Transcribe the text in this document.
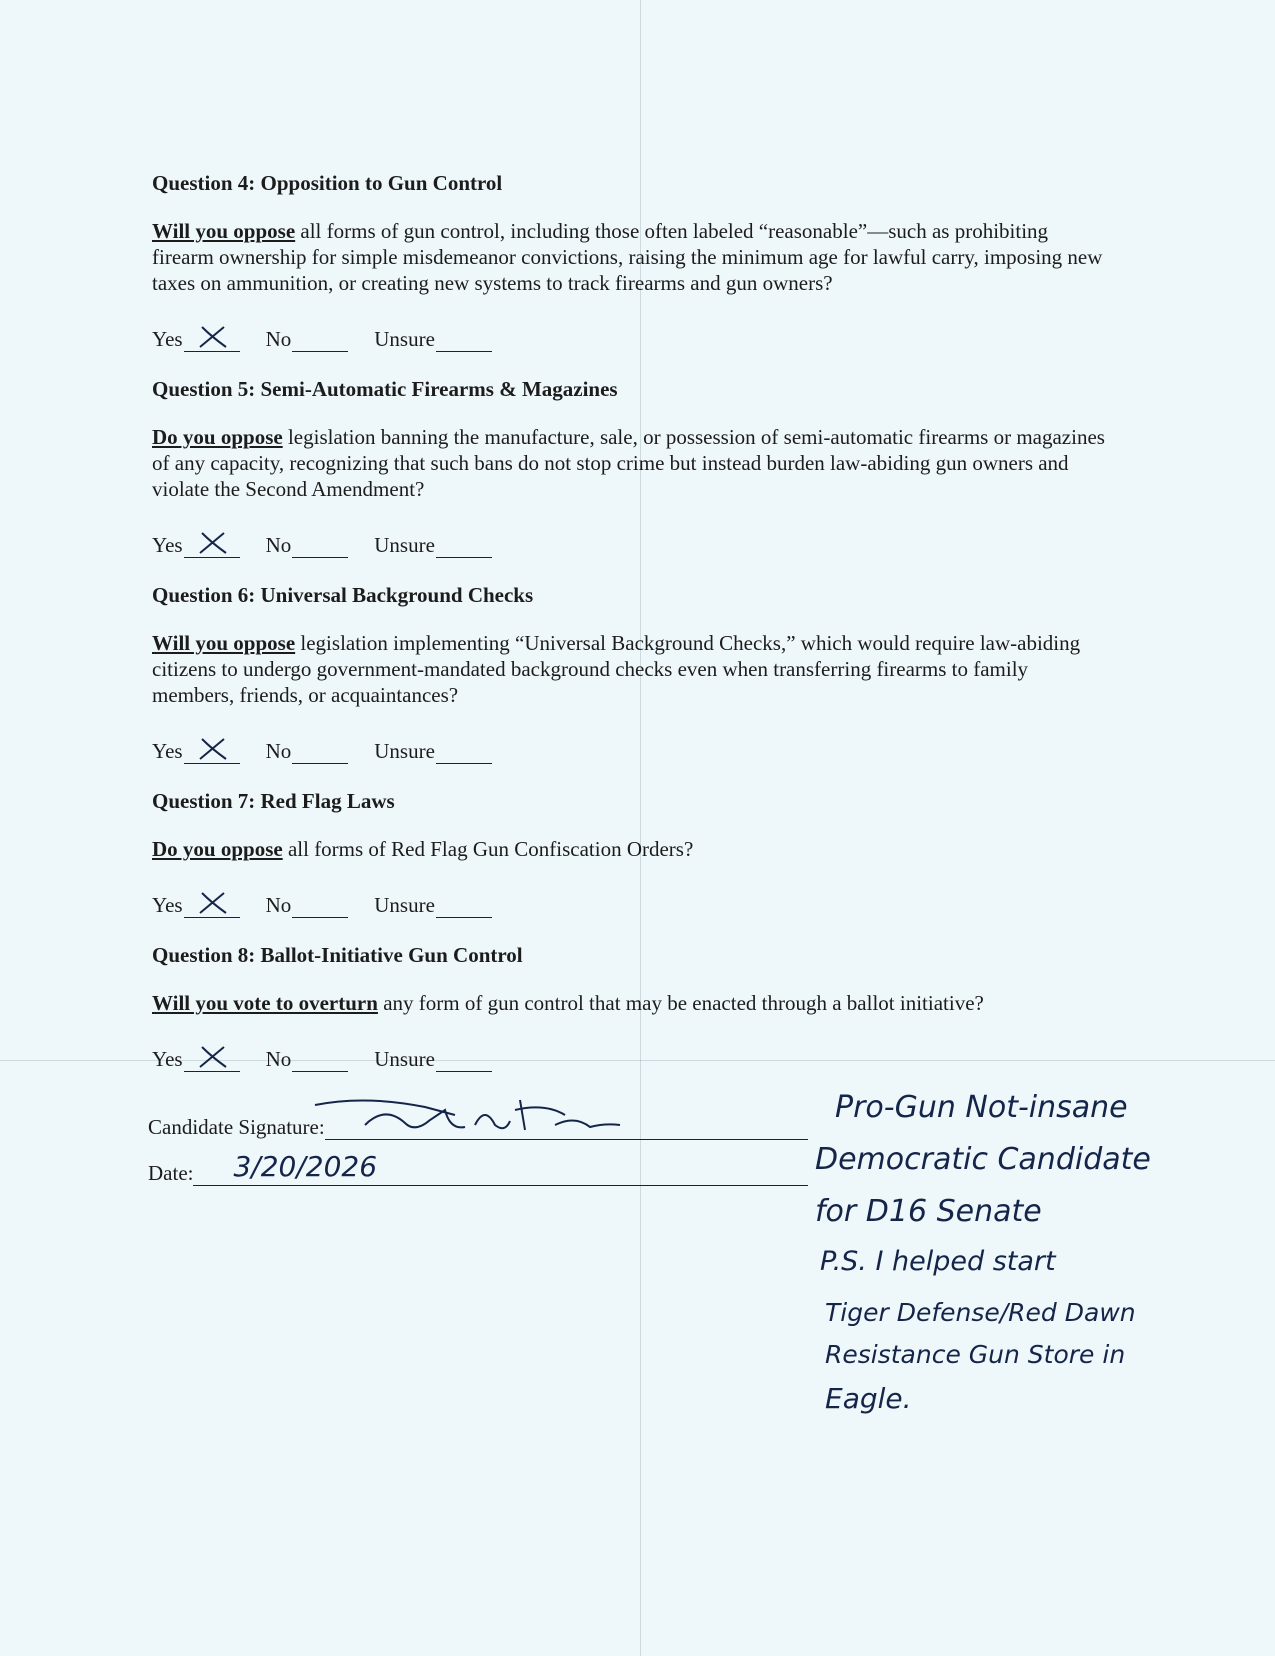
Question 4: Opposition to Gun Control

Will you oppose all forms of gun control, including those often labeled “reasonable”—such as prohibiting firearm ownership for simple misdemeanor convictions, raising the minimum age for lawful carry, imposing new taxes on ammunition, or creating new systems to track firearms and gun owners?

Yes	No	Unsure

Question 5: Semi-Automatic Firearms & Magazines

Do you oppose legislation banning the manufacture, sale, or possession of semi-automatic firearms or magazines of any capacity, recognizing that such bans do not stop crime but instead burden law-abiding gun owners and violate the Second Amendment?

Yes	No	Unsure

Question 6: Universal Background Checks

Will you oppose legislation implementing “Universal Background Checks,” which would require law-abiding citizens to undergo government-mandated background checks even when transferring firearms to family members, friends, or acquaintances?

Yes	No	Unsure

Question 7: Red Flag Laws

Do you oppose all forms of Red Flag Gun Confiscation Orders?

Yes	No	Unsure

Question 8: Ballot-Initiative Gun Control

Will you vote to overturn any form of gun control that may be enacted through a ballot initiative?

Yes	No	Unsure
Candidate Signature:
Date: 3/20/2026
Pro-Gun Not-insane
Democratic Candidate
for D16 Senate
P.S. I helped start
Tiger Defense/Red Dawn
Resistance Gun Store in
Eagle.
